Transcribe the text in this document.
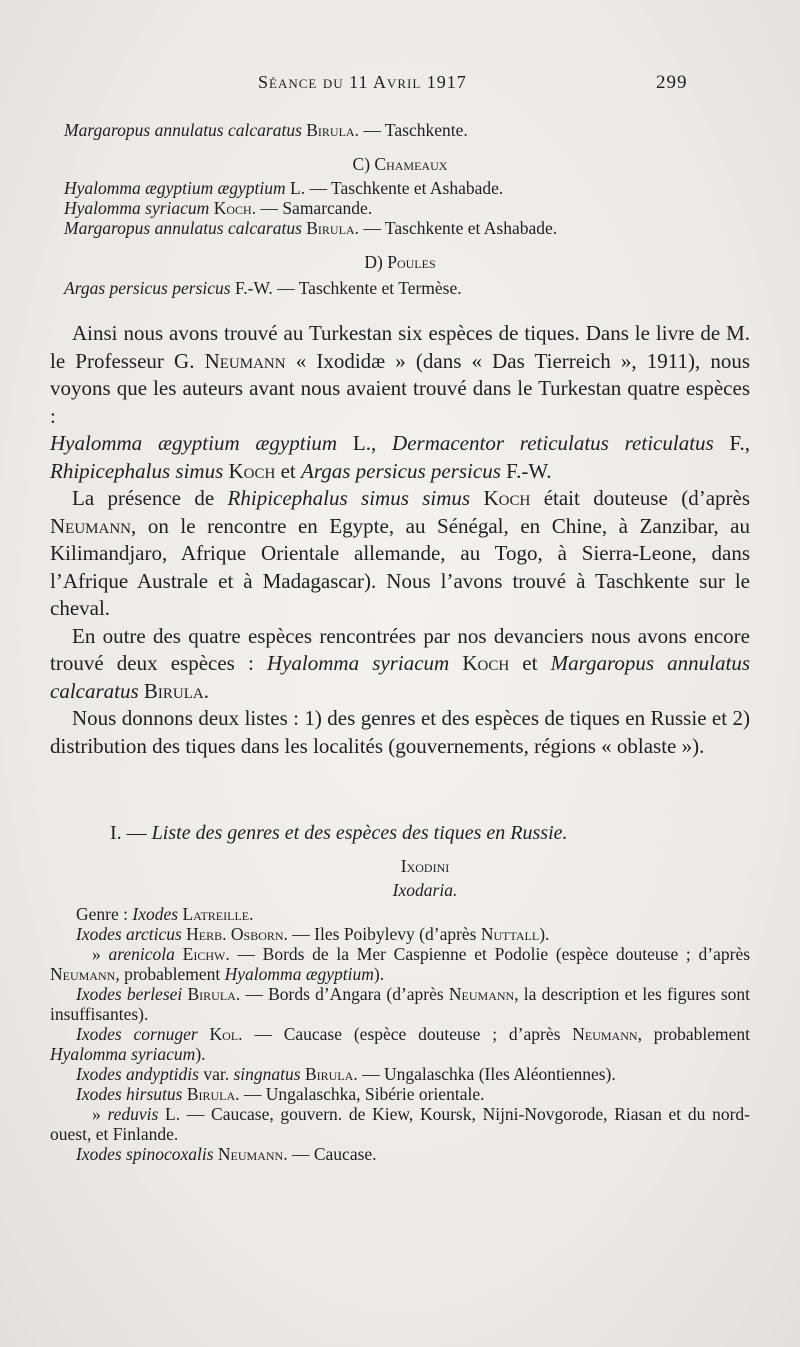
Séance du 11 Avril 1917	299

Margaropus annulatus calcaratus Birula. — Taschkente.

C) Chameaux

Hyalomma ægyptium ægyptium L. — Taschkente et Ashabade.

Hyalomma syriacum Koch. — Samarcande.

Margaropus annulatus calcaratus Birula. — Taschkente et Ashabade.

D) Poules

Argas persicus persicus F.-W. — Taschkente et Termèse.

Ainsi nous avons trouvé au Turkestan six espèces de tiques. Dans le livre de M. le Professeur G. Neumann « Ixodidæ » (dans « Das Tierreich », 1911), nous voyons que les auteurs avant nous avaient trouvé dans le Turkestan quatre espèces :
Hyalomma ægyptium ægyptium L., Dermacentor reticulatus reticulatus F., Rhipicephalus simus Koch et Argas persicus persicus F.-W.

La présence de Rhipicephalus simus simus Koch était douteuse (d’après Neumann, on le rencontre en Egypte, au Sénégal, en Chine, à Zanzibar, au Kilimandjaro, Afrique Orientale allemande, au Togo, à Sierra-Leone, dans l’Afrique Australe et à Madagascar). Nous l’avons trouvé à Taschkente sur le cheval.

En outre des quatre espèces rencontrées par nos devanciers nous avons encore trouvé deux espèces : Hyalomma syriacum Koch et Margaropus annulatus calcaratus Birula.

Nous donnons deux listes : 1) des genres et des espèces de tiques en Russie et 2) distribution des tiques dans les localités (gouvernements, régions « oblaste »).

I. — Liste des genres et des espèces des tiques en Russie.

Ixodini

Ixodaria.

Genre : Ixodes Latreille.

Ixodes arcticus Herb. Osborn. — Iles Poibylevy (d’après Nuttall).

» arenicola Eichw. — Bords de la Mer Caspienne et Podolie (espèce douteuse ; d’après Neumann, probablement Hyalomma ægyptium).

Ixodes berlesei Birula. — Bords d’Angara (d’après Neumann, la description et les figures sont insuffisantes).

Ixodes cornuger Kol. — Caucase (espèce douteuse ; d’après Neumann, probablement Hyalomma syriacum).

Ixodes andyptidis var. singnatus Birula. — Ungalaschka (Iles Aléontiennes).

Ixodes hirsutus Birula. — Ungalaschka, Sibérie orientale.

» reduvis L. — Caucase, gouvern. de Kiew, Koursk, Nijni-Novgorode, Riasan et du nord-ouest, et Finlande.

Ixodes spinocoxalis Neumann. — Caucase.
